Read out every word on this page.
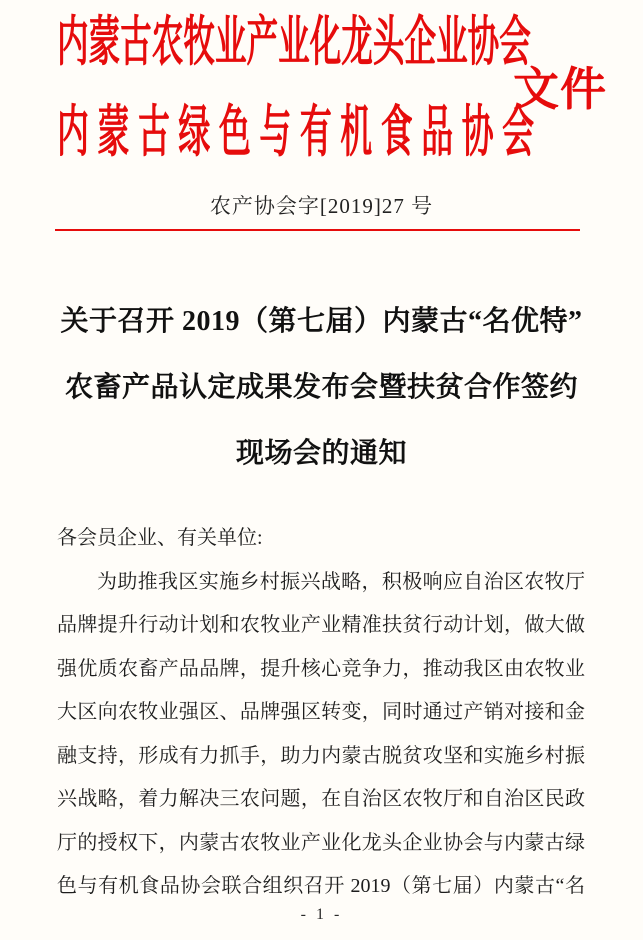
内蒙古农牧业产业化龙头企业协会
内蒙古绿色与有机食品协会
文件
农产协会字[2019]27 号
关于召开 2019（第七届）内蒙古“名优特”
农畜产品认定成果发布会暨扶贫合作签约
现场会的通知
各会员企业、有关单位:
为助推我区实施乡村振兴战略，积极响应自治区农牧厅
品牌提升行动计划和农牧业产业精准扶贫行动计划，做大做
强优质农畜产品品牌，提升核心竞争力，推动我区由农牧业
大区向农牧业强区、品牌强区转变，同时通过产销对接和金
融支持，形成有力抓手，助力内蒙古脱贫攻坚和实施乡村振
兴战略，着力解决三农问题，在自治区农牧厅和自治区民政
厅的授权下，内蒙古农牧业产业化龙头企业协会与内蒙古绿
色与有机食品协会联合组织召开 2019（第七届）内蒙古“名
- 1 -
